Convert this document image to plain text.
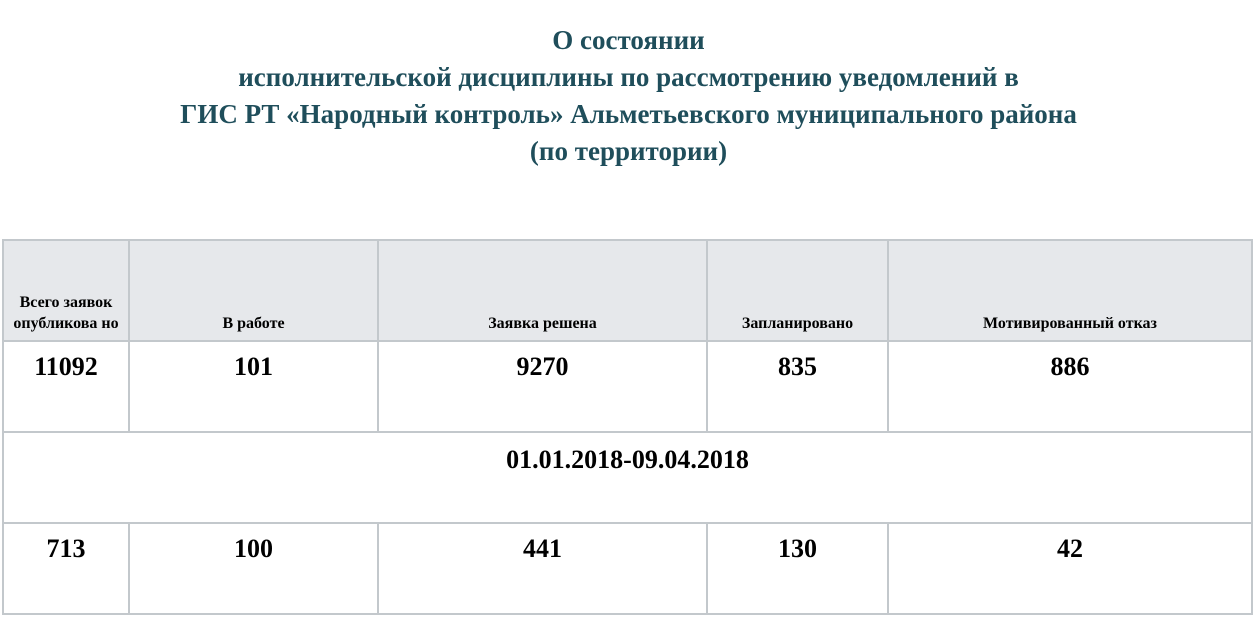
О состоянии
исполнительской дисциплины по рассмотрению уведомлений в
ГИС РТ «Народный контроль» Альметьевского муниципального района
(по территории)
Всего заявок опубликова но	В работе	Заявка решена	Запланировано	Мотивированный отказ
11092	101	9270	835	886
01.01.2018-09.04.2018				
713	100	441	130	42
